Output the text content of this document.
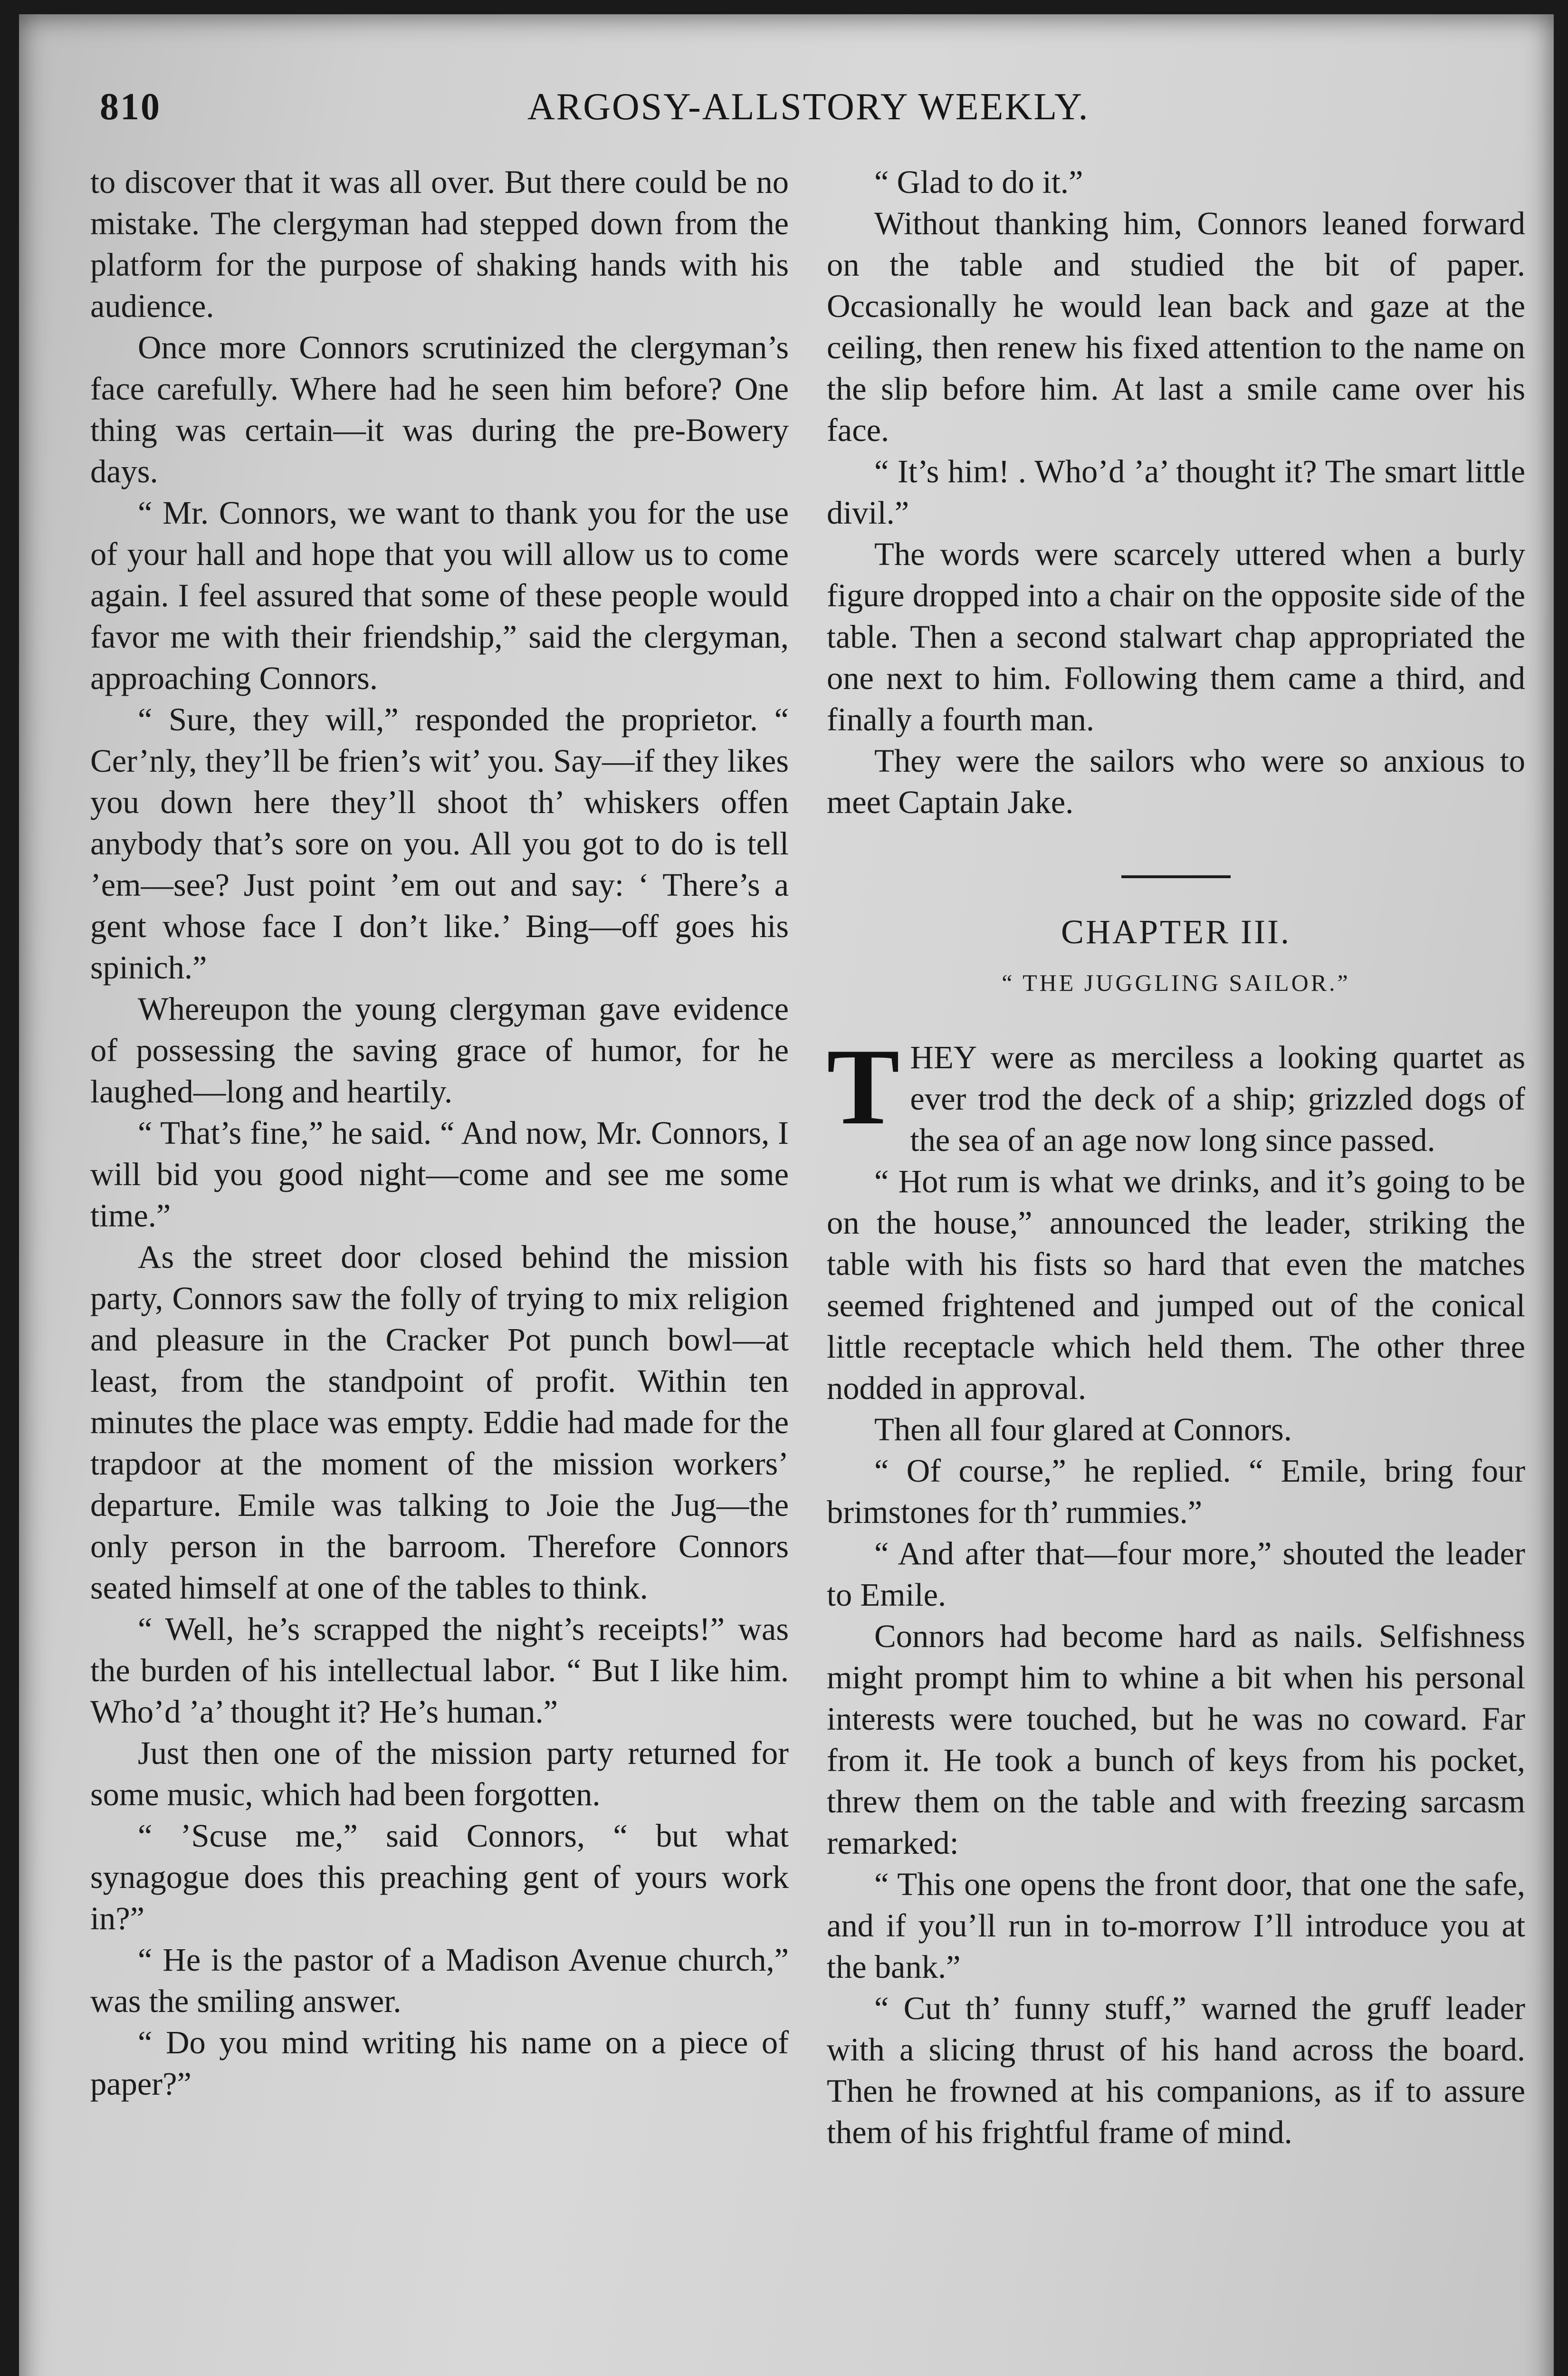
810	ARGOSY-ALLSTORY WEEKLY.

to discover that it was all over. But there could be no mistake. The clergyman had stepped down from the platform for the purpose of shaking hands with his audience.

Once more Connors scrutinized the clergyman’s face carefully. Where had he seen him before? One thing was certain—it was during the pre-Bowery days.

“ Mr. Connors, we want to thank you for the use of your hall and hope that you will allow us to come again. I feel assured that some of these people would favor me with their friendship,” said the clergyman, approaching Connors.

“ Sure, they will,” responded the proprietor. “ Cer’nly, they’ll be frien’s wit’ you. Say—if they likes you down here they’ll shoot th’ whiskers offen anybody that’s sore on you. All you got to do is tell ’em—see? Just point ’em out and say: ‘ There’s a gent whose face I don’t like.’ Bing—off goes his spinich.”

Whereupon the young clergyman gave evidence of possessing the saving grace of humor, for he laughed—long and heartily.

“ That’s fine,” he said. “ And now, Mr. Connors, I will bid you good night—come and see me some time.”

As the street door closed behind the mission party, Connors saw the folly of trying to mix religion and pleasure in the Cracker Pot punch bowl—at least, from the standpoint of profit. Within ten minutes the place was empty. Eddie had made for the trapdoor at the moment of the mission workers’ departure. Emile was talking to Joie the Jug—the only person in the barroom. Therefore Connors seated himself at one of the tables to think.

“ Well, he’s scrapped the night’s receipts!” was the burden of his intellectual labor. “ But I like him. Who’d ’a’ thought it? He’s human.”

Just then one of the mission party returned for some music, which had been forgotten.

“ ’Scuse me,” said Connors, “ but what synagogue does this preaching gent of yours work in?”

“ He is the pastor of a Madison Avenue church,” was the smiling answer.

“ Do you mind writing his name on a piece of paper?”

“ Glad to do it.”

Without thanking him, Connors leaned forward on the table and studied the bit of paper. Occasionally he would lean back and gaze at the ceiling, then renew his fixed attention to the name on the slip before him. At last a smile came over his face.

“ It’s him! . Who’d ’a’ thought it? The smart little divil.”

The words were scarcely uttered when a burly figure dropped into a chair on the opposite side of the table. Then a second stalwart chap appropriated the one next to him. Following them came a third, and finally a fourth man.

They were the sailors who were so anxious to meet Captain Jake.

CHAPTER III.
“ THE JUGGLING SAILOR.”

THEY were as merciless a looking quartet as ever trod the deck of a ship; grizzled dogs of the sea of an age now long since passed.

“ Hot rum is what we drinks, and it’s going to be on the house,” announced the leader, striking the table with his fists so hard that even the matches seemed frightened and jumped out of the conical little receptacle which held them. The other three nodded in approval.

Then all four glared at Connors.

“ Of course,” he replied. “ Emile, bring four brimstones for th’ rummies.”

“ And after that—four more,” shouted the leader to Emile.

Connors had become hard as nails. Selfishness might prompt him to whine a bit when his personal interests were touched, but he was no coward. Far from it. He took a bunch of keys from his pocket, threw them on the table and with freezing sarcasm remarked:

“ This one opens the front door, that one the safe, and if you’ll run in to-morrow I’ll introduce you at the bank.”

“ Cut th’ funny stuff,” warned the gruff leader with a slicing thrust of his hand across the board. Then he frowned at his companions, as if to assure them of his frightful frame of mind.
